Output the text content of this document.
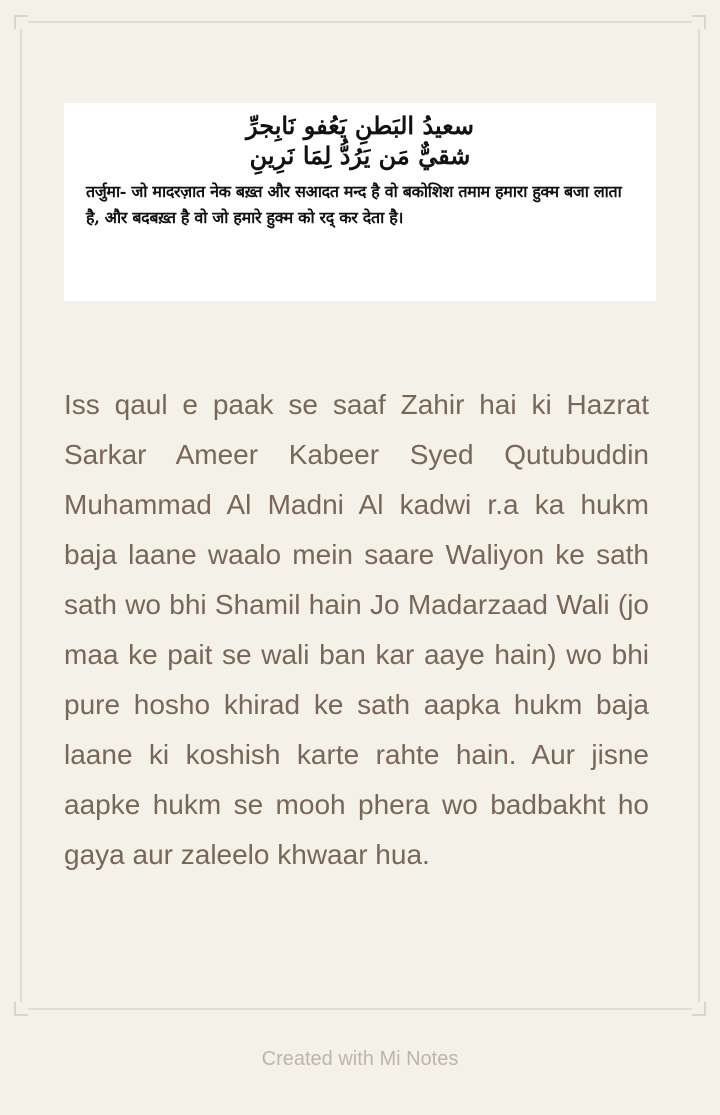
سعيدُ البَطنِ يَعُفو نَابِجرِّ
شقيٌّ مَن يَرُدُّ لِمَا نَرِينِ
तर्जुमा- जो मादरज़ात नेक बख़्त और सआदत मन्द है वो बकोशिश तमाम हमारा हुक्म बजा लाता है, और बदबख़्त है वो जो हमारे हुक्म को रद् कर देता है।

Iss qaul e paak se saaf Zahir hai ki Hazrat Sarkar Ameer Kabeer Syed Qutubuddin Muhammad Al Madni Al kadwi r.a ka hukm baja laane waalo mein saare Waliyon ke sath sath wo bhi Shamil hain Jo Madarzaad Wali (jo maa ke pait se wali ban kar aaye hain) wo bhi pure hosho khirad ke sath aapka hukm baja laane ki koshish karte rahte hain. Aur jisne aapke hukm se mooh phera wo badbakht ho gaya aur zaleelo khwaar hua.

Created with Mi Notes
